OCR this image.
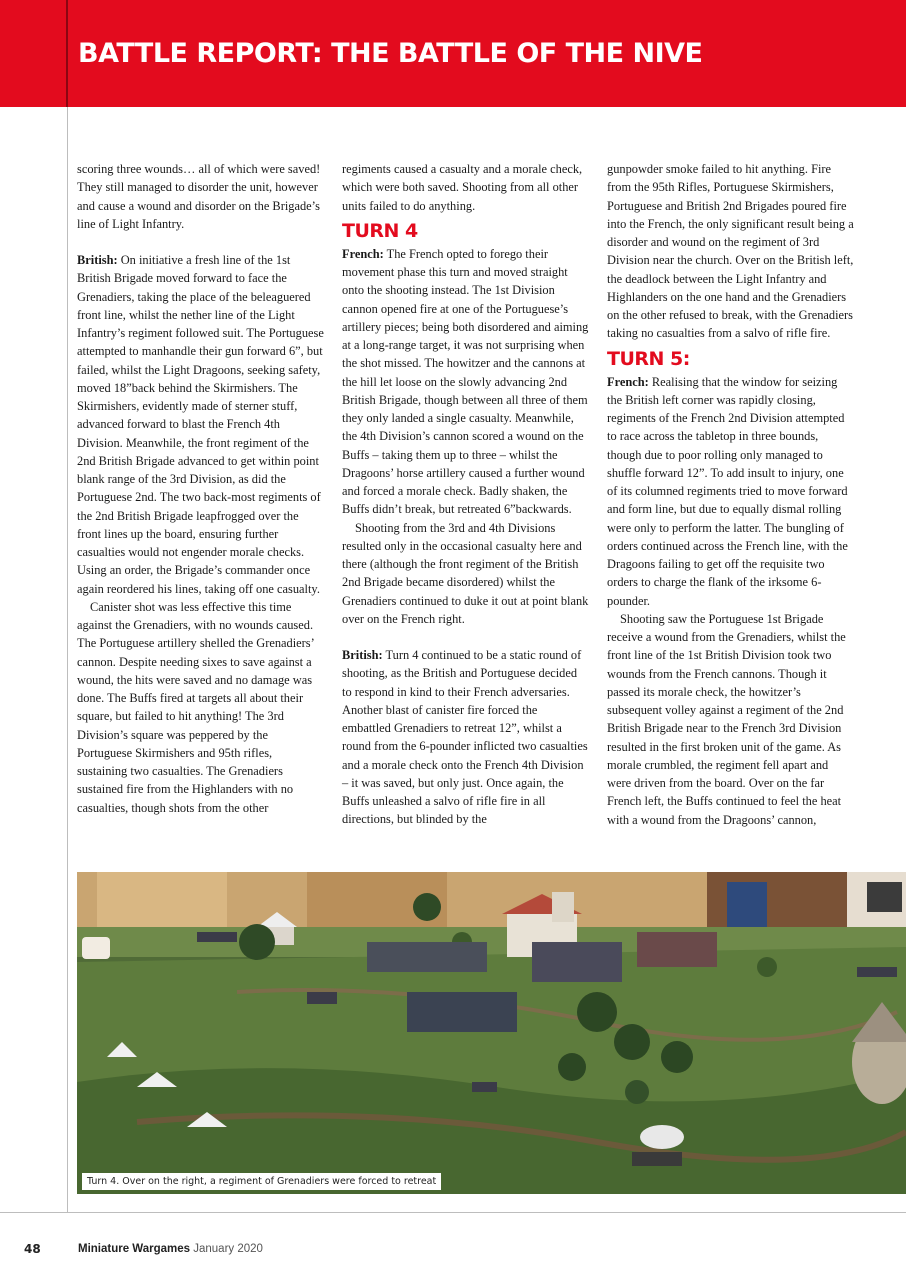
BATTLE REPORT: THE BATTLE OF THE NIVE

scoring three wounds… all of which were saved! They still managed to disorder the unit, however and cause a wound and disorder on the Brigade’s line of Light Infantry.

British: On initiative a fresh line of the 1st British Brigade moved forward to face the Grenadiers, taking the place of the beleaguered front line, whilst the nether line of the Light Infantry’s regiment followed suit. The Portuguese attempted to manhandle their gun forward 6”, but failed, whilst the Light Dragoons, seeking safety, moved 18”back behind the Skirmishers. The Skirmishers, evidently made of sterner stuff, advanced forward to blast the French 4th Division. Meanwhile, the front regiment of the 2nd British Brigade advanced to get within point blank range of the 3rd Division, as did the Portuguese 2nd. The two back-most regiments of the 2nd British Brigade leapfrogged over the front lines up the board, ensuring further casualties would not engender morale checks. Using an order, the Brigade’s commander once again reordered his lines, taking off one casualty.

Canister shot was less effective this time against the Grenadiers, with no wounds caused. The Portuguese artillery shelled the Grenadiers’ cannon. Despite needing sixes to save against a wound, the hits were saved and no damage was done. The Buffs fired at targets all about their square, but failed to hit anything! The 3rd Division’s square was peppered by the Portuguese Skirmishers and 95th rifles, sustaining two casualties. The Grenadiers sustained fire from the Highlanders with no casualties, though shots from the other

regiments caused a casualty and a morale check, which were both saved. Shooting from all other units failed to do anything.

TURN 4

French: The French opted to forego their movement phase this turn and moved straight onto the shooting instead. The 1st Division cannon opened fire at one of the Portuguese’s artillery pieces; being both disordered and aiming at a long-range target, it was not surprising when the shot missed. The howitzer and the cannons at the hill let loose on the slowly advancing 2nd British Brigade, though between all three of them they only landed a single casualty. Meanwhile, the 4th Division’s cannon scored a wound on the Buffs – taking them up to three – whilst the Dragoons’ horse artillery caused a further wound and forced a morale check. Badly shaken, the Buffs didn’t break, but retreated 6”backwards.

Shooting from the 3rd and 4th Divisions resulted only in the occasional casualty here and there (although the front regiment of the British 2nd Brigade became disordered) whilst the Grenadiers continued to duke it out at point blank over on the French right.

British: Turn 4 continued to be a static round of shooting, as the British and Portuguese decided to respond in kind to their French adversaries. Another blast of canister fire forced the embattled Grenadiers to retreat 12”, whilst a round from the 6-pounder inflicted two casualties and a morale check onto the French 4th Division – it was saved, but only just. Once again, the Buffs unleashed a salvo of rifle fire in all directions, but blinded by the

gunpowder smoke failed to hit anything. Fire from the 95th Rifles, Portuguese Skirmishers, Portuguese and British 2nd Brigades poured fire into the French, the only significant result being a disorder and wound on the regiment of 3rd Division near the church. Over on the British left, the deadlock between the Light Infantry and Highlanders on the one hand and the Grenadiers on the other refused to break, with the Grenadiers taking no casualties from a salvo of rifle fire.

TURN 5:

French: Realising that the window for seizing the British left corner was rapidly closing, regiments of the French 2nd Division attempted to race across the tabletop in three bounds, though due to poor rolling only managed to shuffle forward 12”. To add insult to injury, one of its columned regiments tried to move forward and form line, but due to equally dismal rolling were only to perform the latter. The bungling of orders continued across the French line, with the Dragoons failing to get off the requisite two orders to charge the flank of the irksome 6-pounder.

Shooting saw the Portuguese 1st Brigade receive a wound from the Grenadiers, whilst the front line of the 1st British Division took two wounds from the French cannons. Though it passed its morale check, the howitzer’s subsequent volley against a regiment of the 2nd British Brigade near to the French 3rd Division resulted in the first broken unit of the game. As morale crumbled, the regiment fell apart and were driven from the board. Over on the far French left, the Buffs continued to feel the heat with a wound from the Dragoons’ cannon,

Turn 4. Over on the right, a regiment of Grenadiers were forced to retreat
48	Miniature Wargames January 2020
